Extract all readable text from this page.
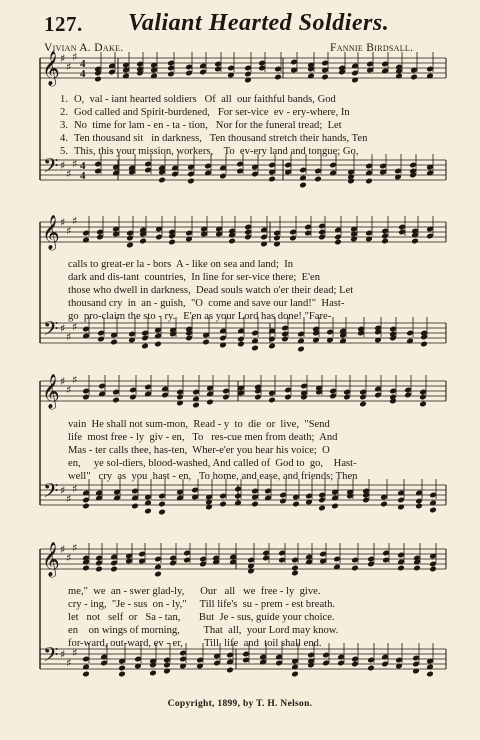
127. Valiant Hearted Soldiers.
Vivian A. Dake.	Fannie Birdsall.
𝄞
𝄢
♯
♯
♯
♯
♯
♯
4
4
4
4
𝄞
𝄢
♯
♯
♯
♯
♯
♯
𝄞
𝄢
♯
♯
♯
♯
♯
♯
𝄞
𝄢
♯
♯
♯
♯
♯
♯
1. O,  val - iant hearted soldiers   Of  all  our faithful bands, God
2. God called and Spirit-burdened,   For ser-vice  ev - ery-where, In
3. No  time for lam - en - ta - tion,   Nor for the funeral tread;  Let
4. Ten thousand sit   in darkness,   Ten thousand stretch their hands, Ten
5. This, this your mission, workers,    To  ev-ery land and tongue; Go,
calls to great-er la - bors  A - like on sea and land;  In
dark and dis-tant  countries,  In line for ser-vice there;  E'en
those who dwell in darkness,  Dead souls watch o'er their dead; Let
thousand cry  in  an - guish,  "O  come and save our land!"  Hast-
go  pro-claim the sto - ry.   E'en as your Lord has done! "Fare-
vain  He shall not sum-mon,  Read - y  to  die  or  live,  "Send
life  most free - ly  giv - en,   To   res-cue men from death;  And
Mas - ter calls thee, has-ten,  Wher-e'er you hear his voice;  O
en,     ye sol-diers, blood-washed, And called of  God to  go,    Hast-
well"   cry  as  you  hast - en,   To home, and ease, and friends; Then
me,"  we  an - swer glad-ly,      Our   all   we  free - ly  give.
cry - ing,  "Je - sus  on - ly,"     Till life's  su - prem - est breath.
let   not   self  or   Sa - tan,       But  Je - sus, guide your choice.
en    on wings of morning,         That  all,  your Lord may know.
for-ward, out-ward, ev - er,        Till  life  and  toil shall end.
Copyright, 1899, by T. H. Nelson.
